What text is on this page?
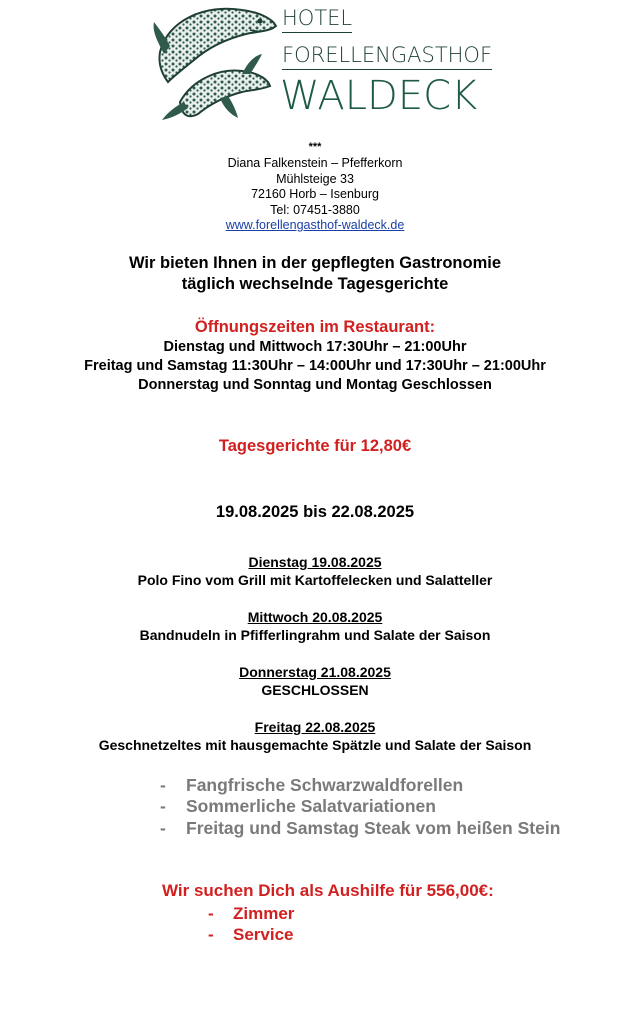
HOTEL
FORELLENGASTHOF
WALDECK
***
Diana Falkenstein – Pfefferkorn
Mühlsteige 33
72160 Horb – Isenburg
Tel: 07451-3880
www.forellengasthof-waldeck.de
Wir bieten Ihnen in der gepflegten Gastronomie
täglich wechselnde Tagesgerichte
Öffnungszeiten im Restaurant:
Dienstag und Mittwoch 17:30Uhr – 21:00Uhr
Freitag und Samstag 11:30Uhr – 14:00Uhr und 17:30Uhr – 21:00Uhr
Donnerstag und Sonntag und Montag Geschlossen
Tagesgerichte für 12,80€
19.08.2025 bis 22.08.2025
Dienstag 19.08.2025
Polo Fino vom Grill mit Kartoffelecken und Salatteller
Mittwoch 20.08.2025
Bandnudeln in Pfifferlingrahm und Salate der Saison
Donnerstag 21.08.2025
GESCHLOSSEN
Freitag 22.08.2025
Geschnetzeltes mit hausgemachte Spätzle und Salate der Saison
- Fangfrische Schwarzwaldforellen
- Sommerliche Salatvariationen
- Freitag und Samstag Steak vom heißen Stein
Wir suchen Dich als Aushilfe für 556,00€:
- Zimmer
- Service
